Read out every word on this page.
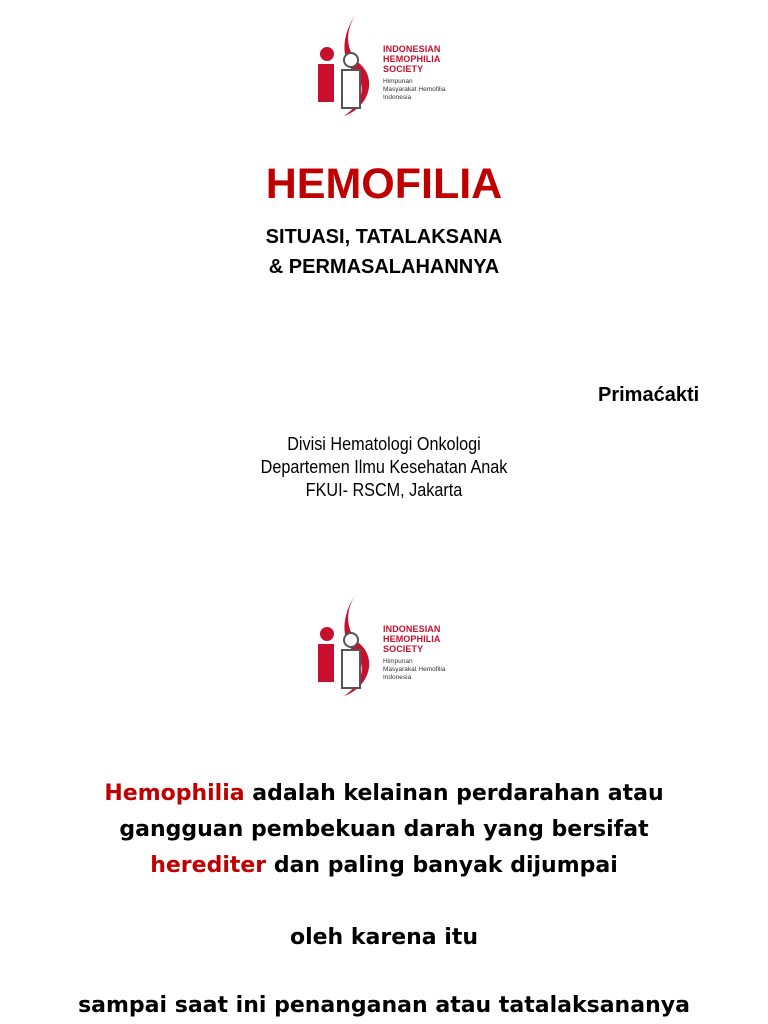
INDONESIAN
HEMOPHILIA
SOCIETY
Himpunan
Masyarakat Hemofilia
Indonesia
HEMOFILIA
SITUASI, TATALAKSANA
& PERMASALAHANNYA
Primaćakti
Divisi Hematologi Onkologi
Departemen Ilmu Kesehatan Anak
FKUI- RSCM, Jakarta
INDONESIAN
HEMOPHILIA
SOCIETY
Himpunan
Masyarakat Hemofilia
Indonesia
Hemophilia adalah kelainan perdarahan atau
gangguan pembekuan darah yang bersifat
herediter dan paling banyak dijumpai
oleh karena itu
sampai saat ini penanganan atau tatalaksananya
